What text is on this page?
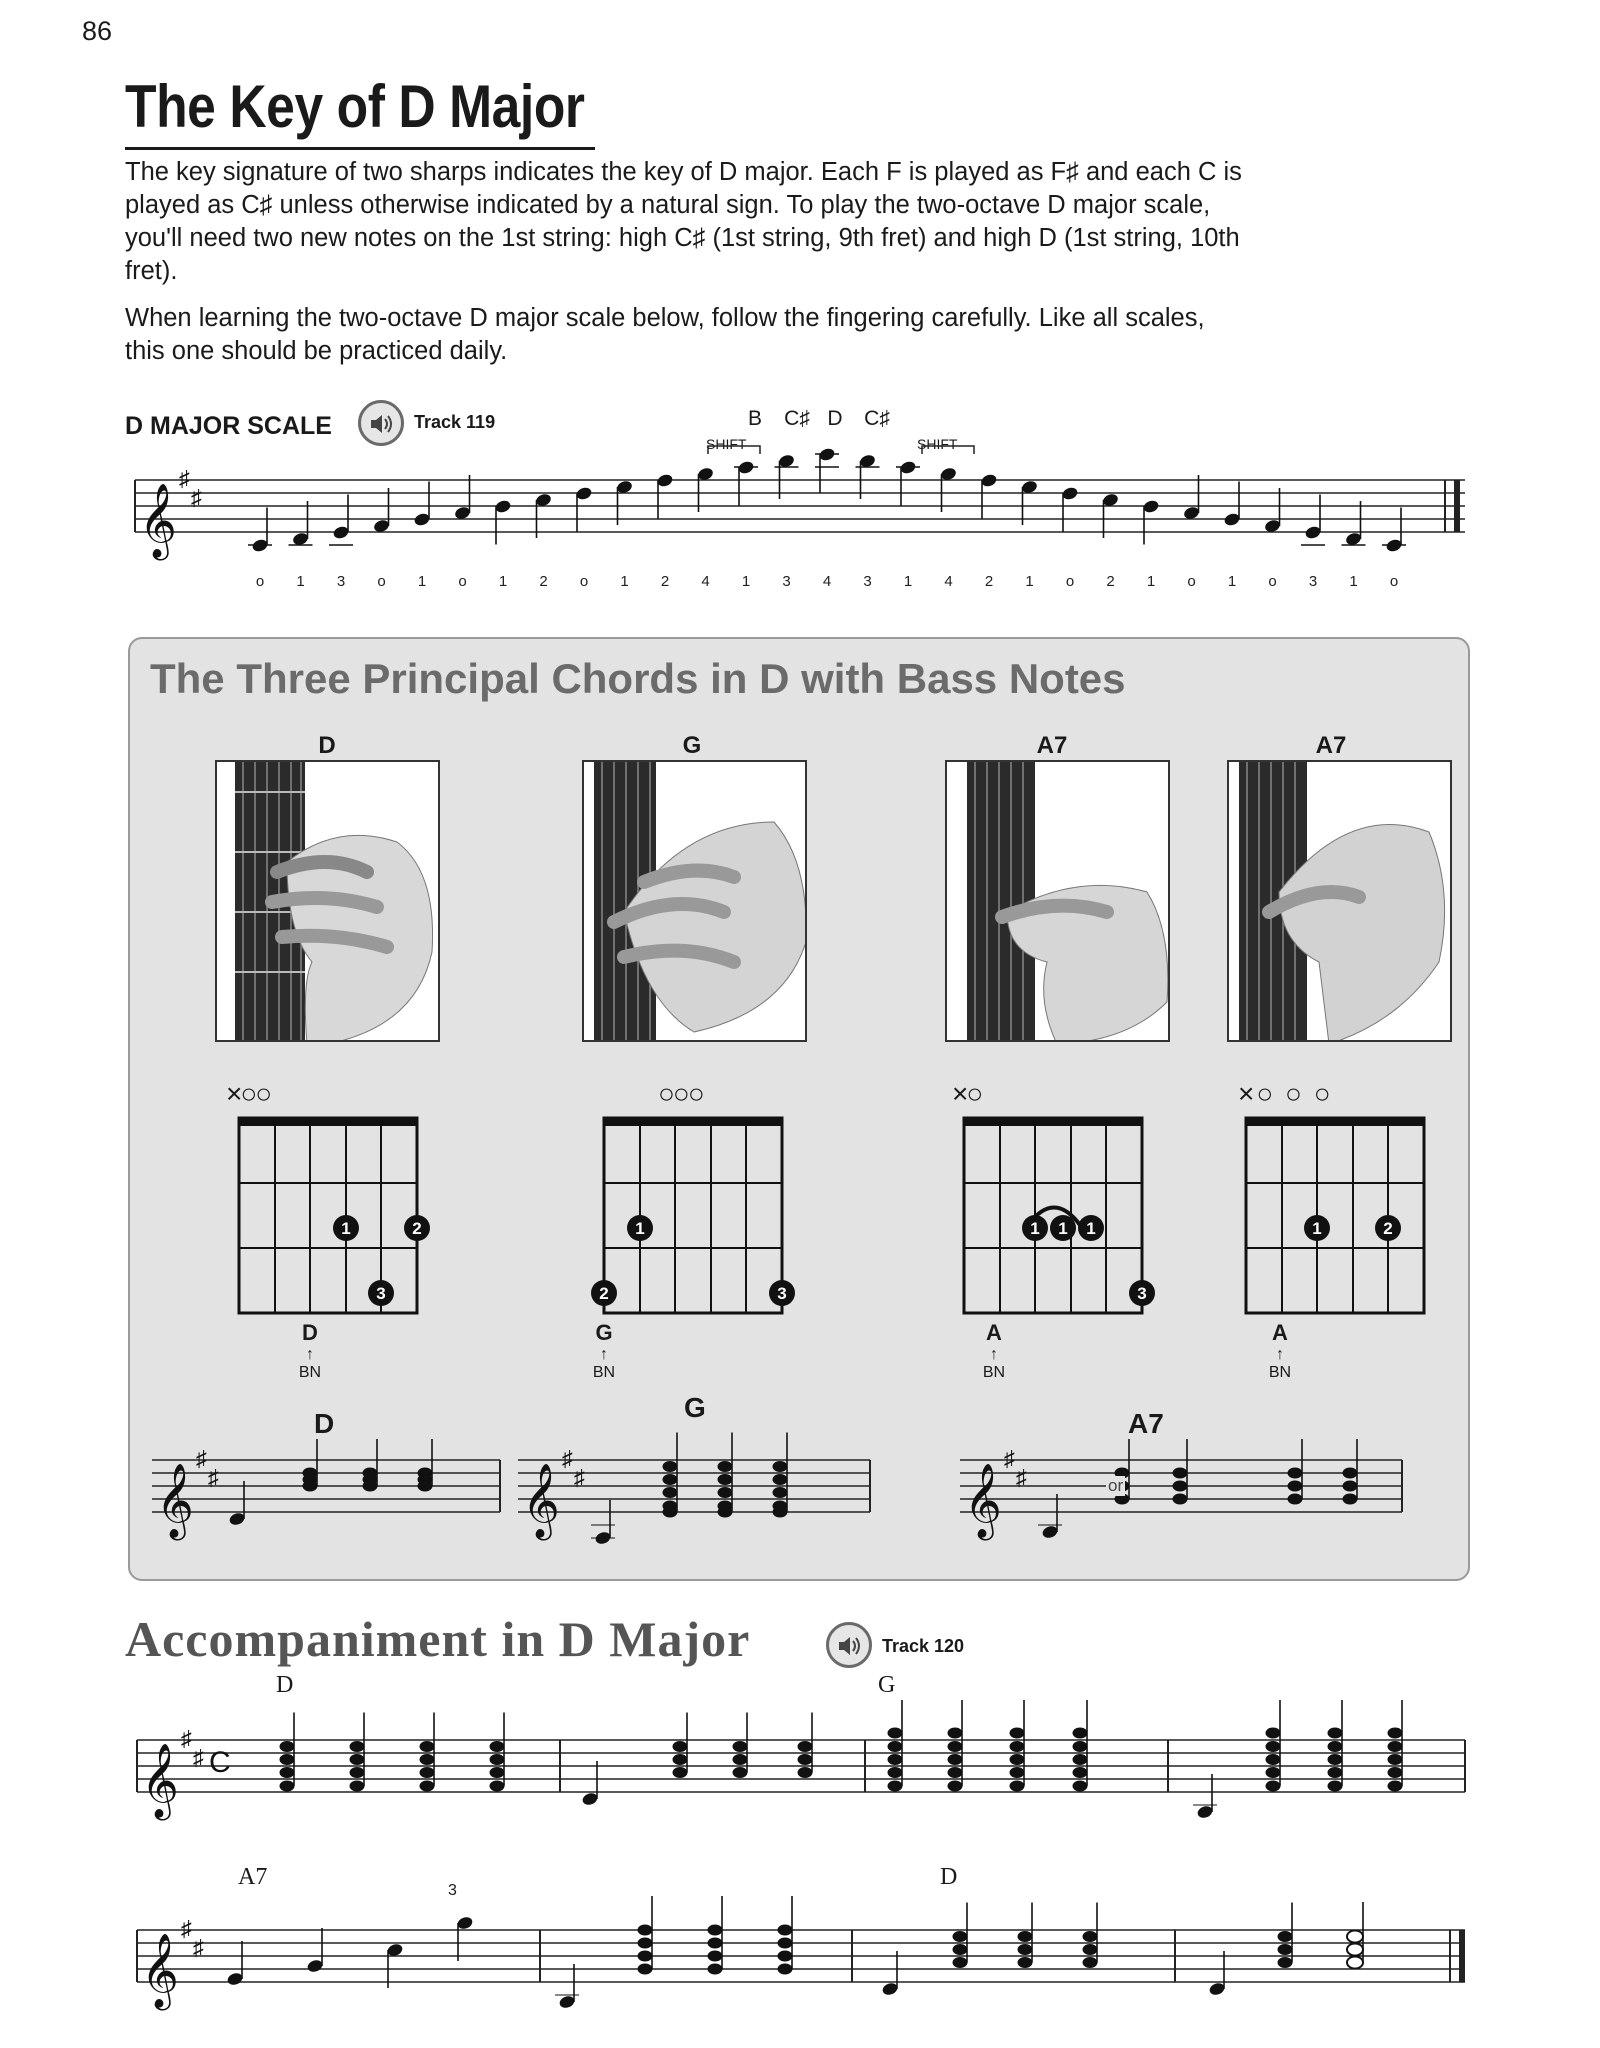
86
The Key of D Major
The key signature of two sharps indicates the key of D major. Each F is played as F♯ and each C is played as C♯ unless otherwise indicated by a natural sign. To play the two-octave D major scale, you'll need two new notes on the 1st string: high C♯ (1st string, 9th fret) and high D (1st string, 10th fret).
When learning the two-octave D major scale below, follow the fingering carefully. Like all scales, this one should be practiced daily.
D MAJOR SCALE	Track 119	B C♯ D C♯
SHIFT	SHIFT
𝄞
♯
♯
o 1 3 o 1 o 1 2 o 1 2 4 1 3 4 3 1 4 2 1 o 2 1 o 1 o 3 1 o
The Three Principal Chords in D with Bass Notes
D	G	A7	A7
×○○	○○○	×○	×○ ○ ○
1	2
3
1
2	3
1 1 1
3
1	2
D
↑
BN
G
↑
BN
A
↑
BN
A
↑
BN
D
G
A7
𝄞
♯
♯	𝄞
♯
♯	𝄞
♯
♯	or
Accompaniment in D Major	Track 120
D	G
𝄞
♯
♯ C
A7	D
3
𝄞
♯
♯
